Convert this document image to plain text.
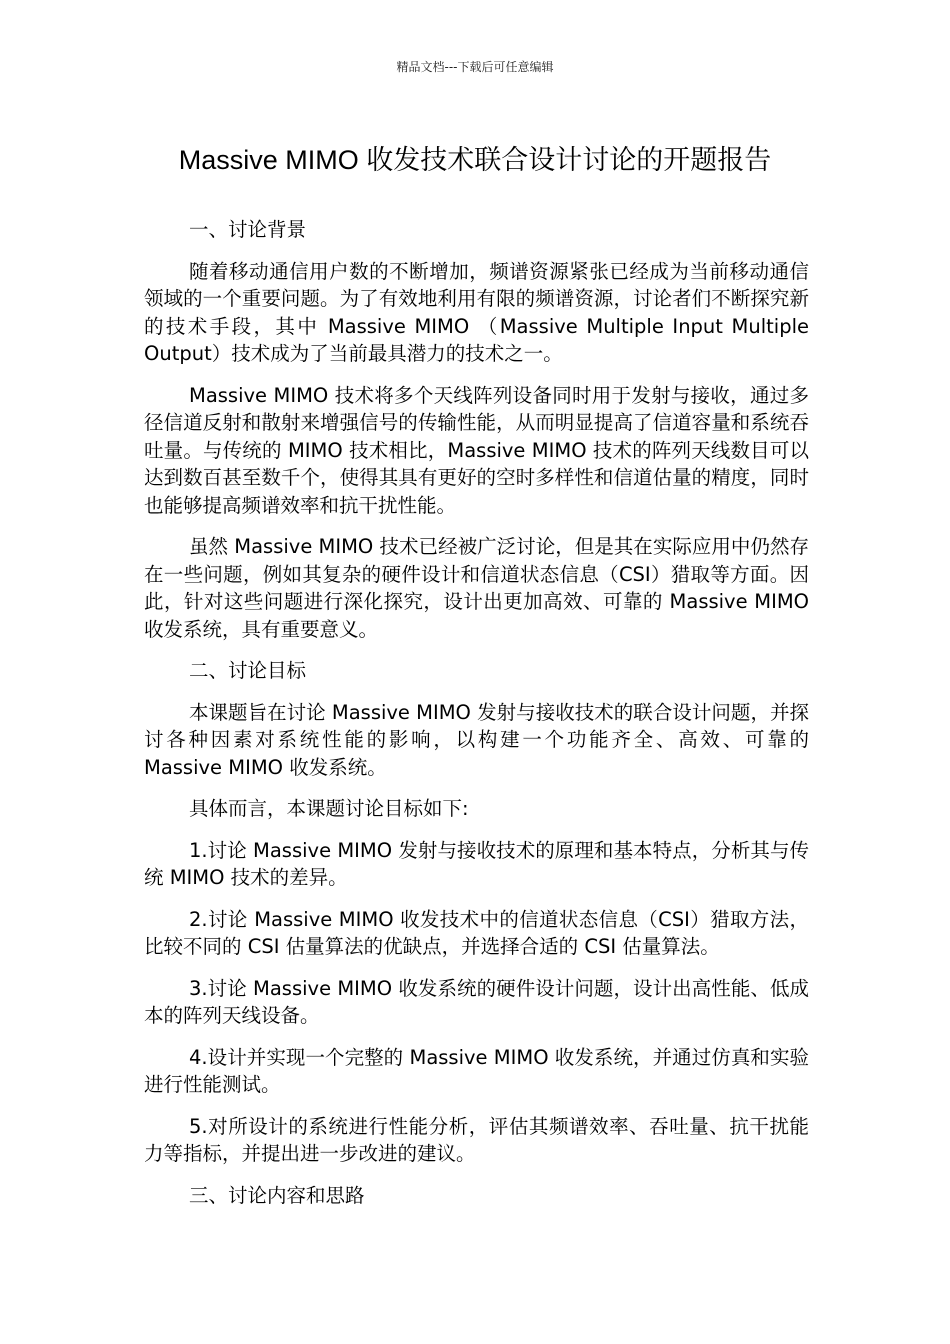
精品文档---下载后可任意编辑
Massive MIMO 收发技术联合设计讨论的开题报告

一、讨论背景

随着移动通信用户数的不断增加，频谱资源紧张已经成为当前移动通信领域的一个重要问题。为了有效地利用有限的频谱资源，讨论者们不断探究新的技术手段，其中 Massive MIMO （Massive Multiple Input Multiple Output）技术成为了当前最具潜力的技术之一。

Massive MIMO 技术将多个天线阵列设备同时用于发射与接收，通过多径信道反射和散射来增强信号的传输性能，从而明显提高了信道容量和系统吞吐量。与传统的 MIMO 技术相比，Massive MIMO 技术的阵列天线数目可以达到数百甚至数千个，使得其具有更好的空时多样性和信道估量的精度，同时也能够提高频谱效率和抗干扰性能。

虽然 Massive MIMO 技术已经被广泛讨论，但是其在实际应用中仍然存在一些问题，例如其复杂的硬件设计和信道状态信息（CSI）猎取等方面。因此，针对这些问题进行深化探究，设计出更加高效、可靠的 Massive MIMO 收发系统，具有重要意义。

二、讨论目标

本课题旨在讨论 Massive MIMO 发射与接收技术的联合设计问题，并探讨各种因素对系统性能的影响，以构建一个功能齐全、高效、可靠的 Massive MIMO 收发系统。

具体而言，本课题讨论目标如下:

1.讨论 Massive MIMO 发射与接收技术的原理和基本特点，分析其与传统 MIMO 技术的差异。

2.讨论 Massive MIMO 收发技术中的信道状态信息（CSI）猎取方法，比较不同的 CSI 估量算法的优缺点，并选择合适的 CSI 估量算法。

3.讨论 Massive MIMO 收发系统的硬件设计问题，设计出高性能、低成本的阵列天线设备。

4.设计并实现一个完整的 Massive MIMO 收发系统，并通过仿真和实验进行性能测试。

5.对所设计的系统进行性能分析，评估其频谱效率、吞吐量、抗干扰能力等指标，并提出进一步改进的建议。

三、讨论内容和思路
